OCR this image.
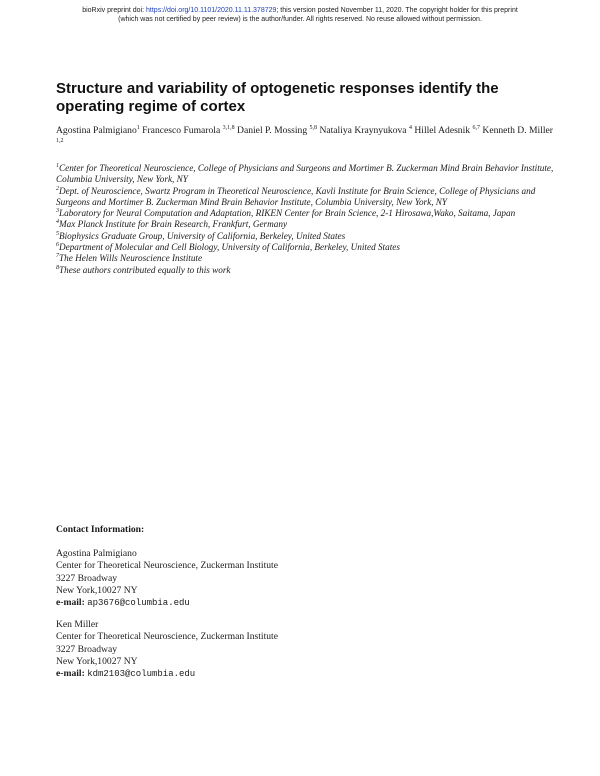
bioRxiv preprint doi: https://doi.org/10.1101/2020.11.11.378729; this version posted November 11, 2020. The copyright holder for this preprint
(which was not certified by peer review) is the author/funder. All rights reserved. No reuse allowed without permission.
Structure and variability of optogenetic responses identify the operating regime of cortex
Agostina Palmigiano$^1$ Francesco Fumarola $^{3,1,8}$ Daniel P. Mossing $^{5,8}$ Nataliya Kraynyukova $^4$ Hillel Adesnik $^{6,7}$ Kenneth D. Miller $^{1,2}$

$^1$Center for Theoretical Neuroscience, College of Physicians and Surgeons and Mortimer B. Zuckerman Mind Brain Behavior Institute, Columbia University, New York, NY

$^2$Dept. of Neuroscience, Swartz Program in Theoretical Neuroscience, Kavli Institute for Brain Science, College of Physicians and Surgeons and Mortimer B. Zuckerman Mind Brain Behavior Institute, Columbia University, New York, NY

$^3$Laboratory for Neural Computation and Adaptation, RIKEN Center for Brain Science, 2-1 Hirosawa,Wako, Saitama, Japan

$^4$Max Planck Institute for Brain Research, Frankfurt, Germany

$^5$Biophysics Graduate Group, University of California, Berkeley, United States

$^6$Department of Molecular and Cell Biology, University of California, Berkeley, United States

$^7$The Helen Wills Neuroscience Institute

$^8$These authors contributed equally to this work

Contact Information:
Agostina Palmigiano
Center for Theoretical Neuroscience, Zuckerman Institute
3227 Broadway
New York,10027 NY
e-mail: ap3676@columbia.edu
Ken Miller
Center for Theoretical Neuroscience, Zuckerman Institute
3227 Broadway
New York,10027 NY
e-mail: kdm2103@columbia.edu
